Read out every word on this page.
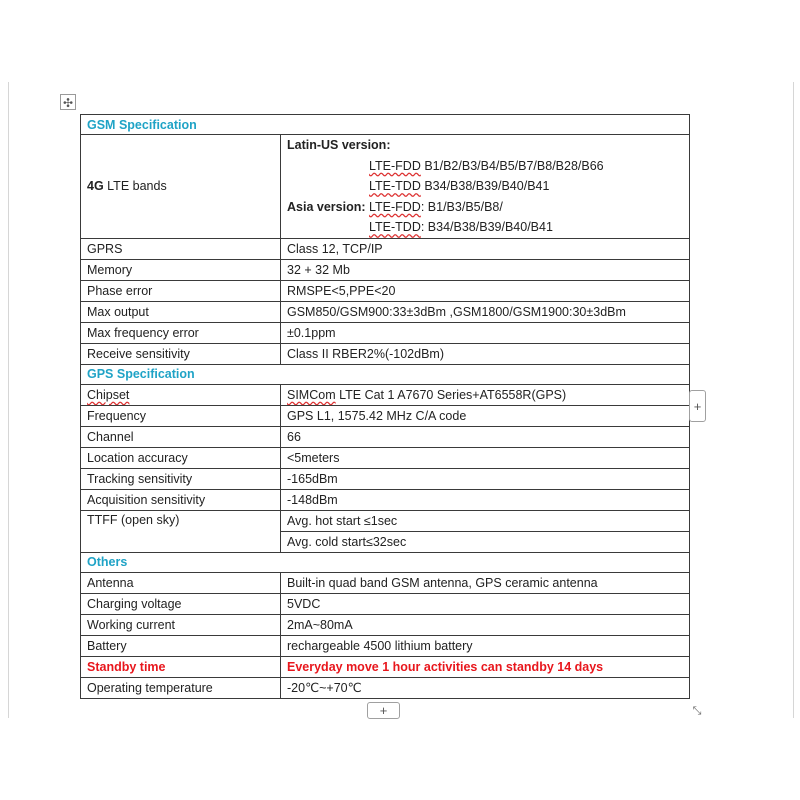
✣
GSM Specification	
4G LTE bands	Latin-US version:
LTE-FDD B1/B2/B3/B4/B5/B7/B8/B28/B66
LTE-TDD B34/B38/B39/B40/B41
Asia version: LTE-FDD: B1/B3/B5/B8/
LTE-TDD: B34/B38/B39/B40/B41

GPRS	Class 12, TCP/IP
Memory	32 + 32 Mb
Phase error	RMSPE<5,PPE<20
Max output	GSM850/GSM900:33±3dBm ,GSM1800/GSM1900:30±3dBm
Max frequency error	±0.1ppm
Receive sensitivity	Class II RBER2%(-102dBm)
GPS Specification	
Chipset	SIMCom LTE Cat 1 A7670 Series+AT6558R(GPS)
Frequency	GPS L1, 1575.42 MHz C/A code
Channel	66
Location accuracy	<5meters
Tracking sensitivity	-165dBm
Acquisition sensitivity	-148dBm
TTFF (open sky)	Avg. hot start ≤1sec
	Avg. cold start≤32sec
Others	
Antenna	Built-in quad band GSM antenna, GPS ceramic antenna
Charging voltage	5VDC
Working current	2mA~80mA
Battery	rechargeable 4500 lithium battery
Standby time	Everyday move 1 hour activities can standby 14 days
Operating temperature	-20℃~+70℃
+
+	⤡
